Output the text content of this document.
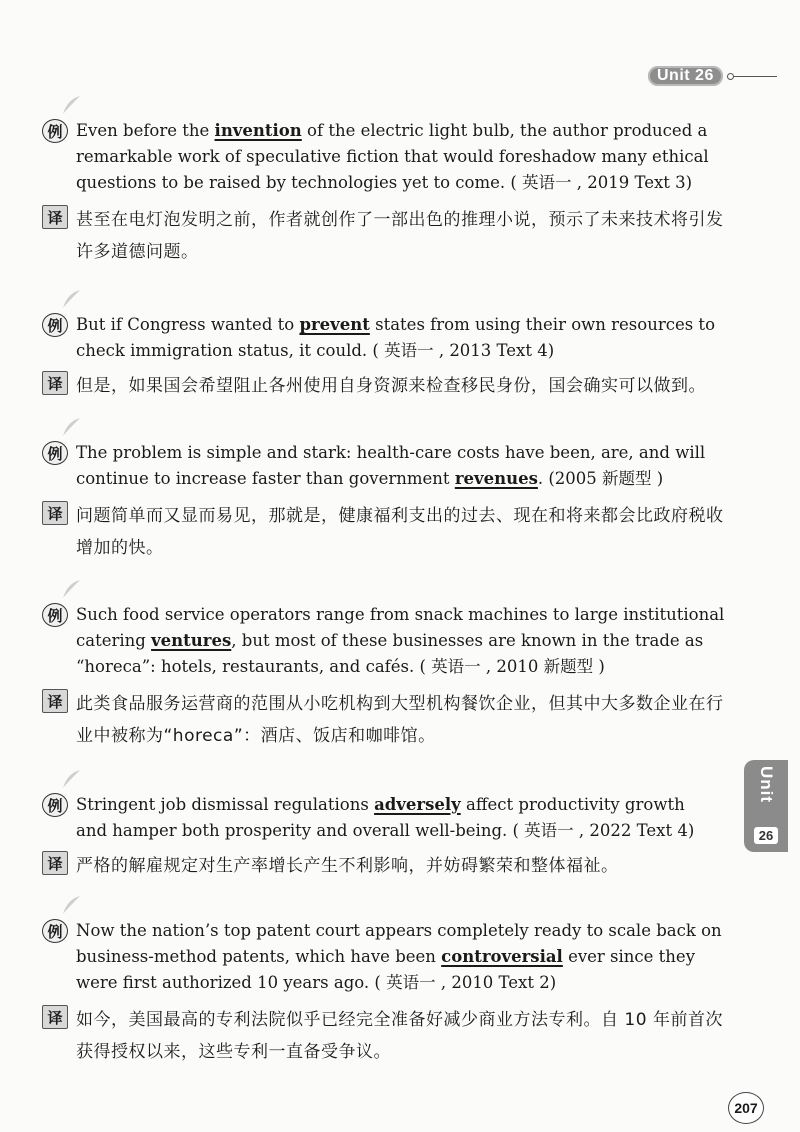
Unit 26
Unit
26
例 Even before the invention of the electric light bulb, the author produced a remarkable work of speculative fiction that would foreshadow many ethical questions to be raised by technologies yet to come. ( 英语一 , 2019 Text 3)

译 甚至在电灯泡发明之前，作者就创作了一部出色的推理小说，预示了未来技术将引发许多道德问题。

例 But if Congress wanted to prevent states from using their own resources to check immigration status, it could. ( 英语一 , 2013 Text 4)

译 但是，如果国会希望阻止各州使用自身资源来检查移民身份，国会确实可以做到。

例 The problem is simple and stark: health-care costs have been, are, and will continue to increase faster than government revenues. (2005 新题型 )

译 问题简单而又显而易见，那就是，健康福利支出的过去、现在和将来都会比政府税收增加的快。

例 Such food service operators range from snack machines to large institutional catering ventures, but most of these businesses are known in the trade as “horeca”: hotels, restaurants, and cafés. ( 英语一 , 2010 新题型 )

译 此类食品服务运营商的范围从小吃机构到大型机构餐饮企业，但其中大多数企业在行业中被称为“horeca”：酒店、饭店和咖啡馆。

例 Stringent job dismissal regulations adversely affect productivity growth and hamper both prosperity and overall well-being. ( 英语一 , 2022 Text 4)

译 严格的解雇规定对生产率增长产生不利影响，并妨碍繁荣和整体福祉。

例 Now the nation’s top patent court appears completely ready to scale back on business-method patents, which have been controversial ever since they were first authorized 10 years ago. ( 英语一 , 2010 Text 2)

译 如今，美国最高的专利法院似乎已经完全准备好减少商业方法专利。自 10 年前首次获得授权以来，这些专利一直备受争议。

207
